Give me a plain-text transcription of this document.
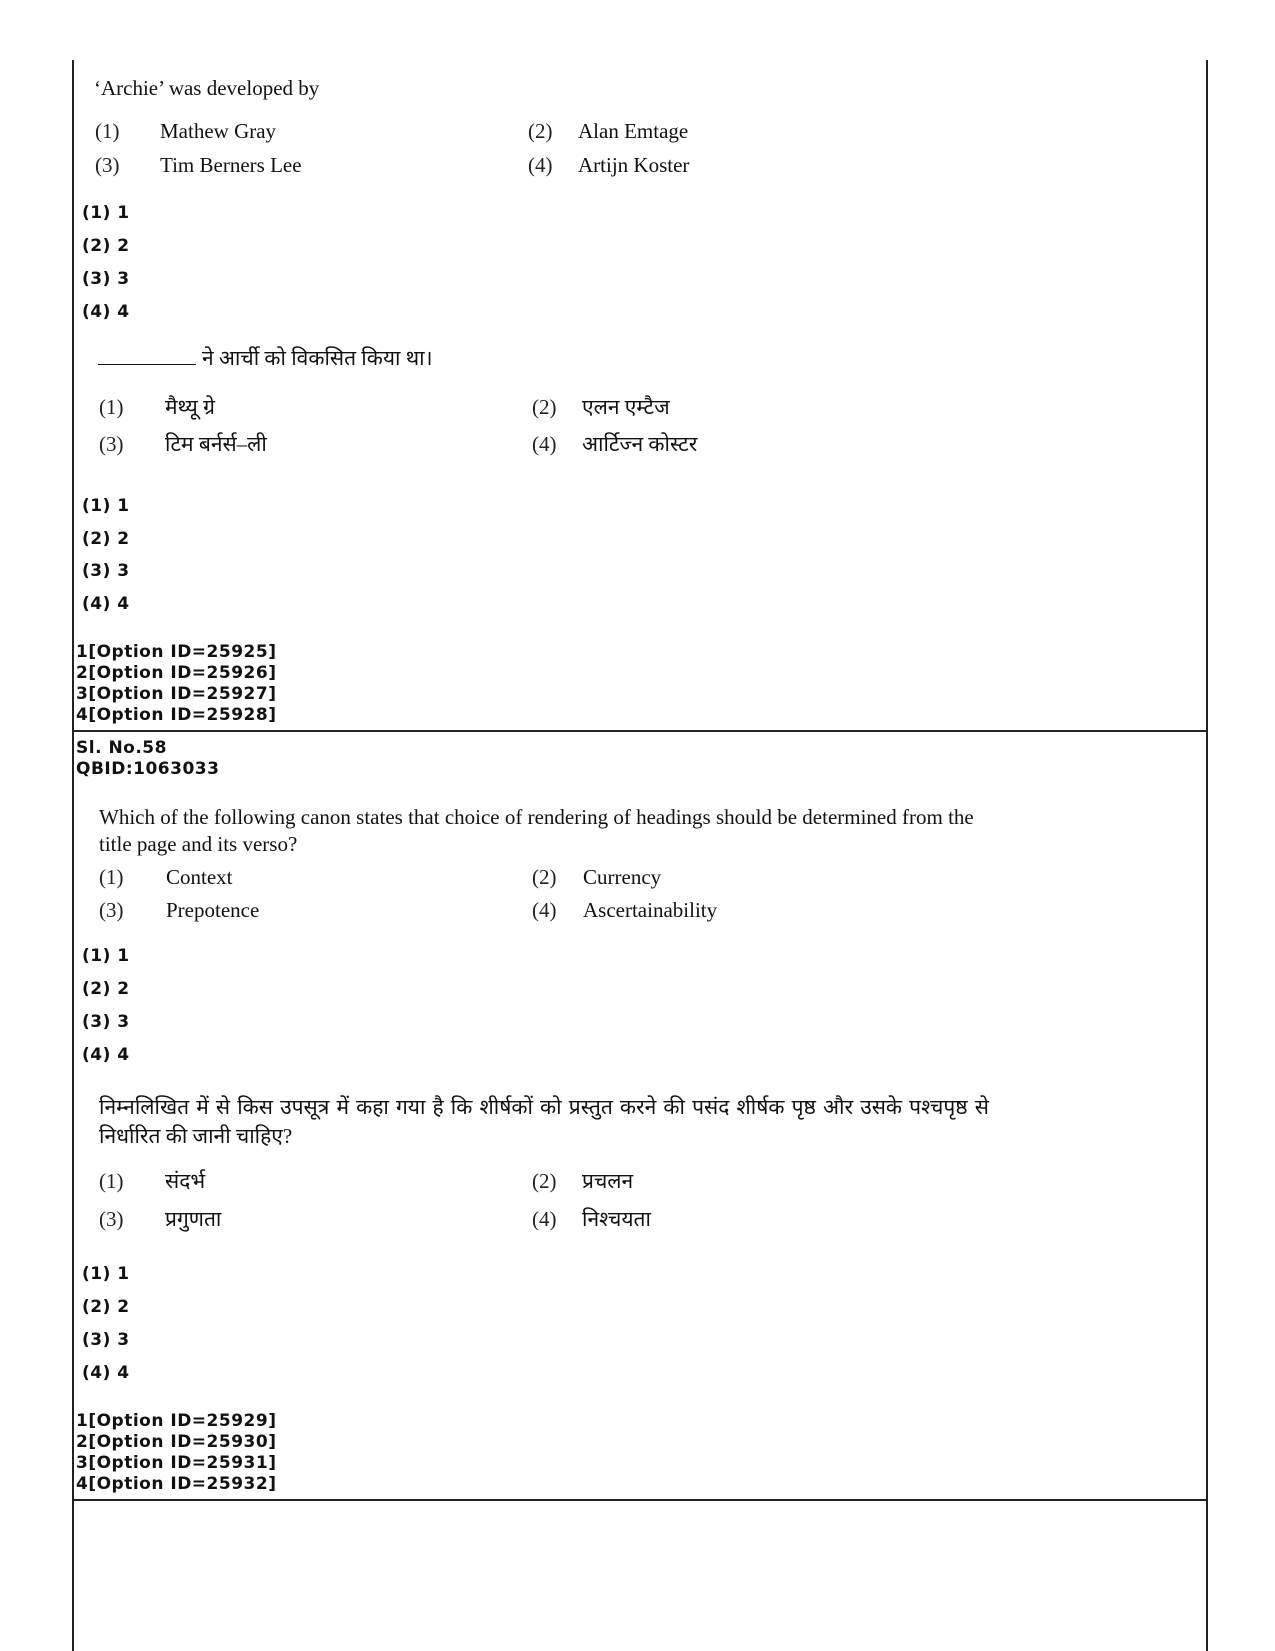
‘Archie’ was developed by
(1) Mathew Gray	(2) Alan Emtage
(3) Tim Berners Lee	(4) Artijn Koster
(1) 1
(2) 2
(3) 3
(4) 4
ने आर्ची को विकसित किया था।
(1) मैथ्यू ग्रे	(2) एलन एम्टैज
(3) टिम बर्नर्स–ली	(4) आर्टिज्न कोस्टर
(1) 1
(2) 2
(3) 3
(4) 4
1[Option ID=25925]
2[Option ID=25926]
3[Option ID=25927]
4[Option ID=25928]
Sl. No.58
QBID:1063033
Which of the following canon states that choice of rendering of headings should be determined from the title page and its verso?
(1) Context	(2) Currency
(3) Prepotence	(4) Ascertainability
(1) 1
(2) 2
(3) 3
(4) 4
निम्नलिखित में से किस उपसूत्र में कहा गया है कि शीर्षकों को प्रस्तुत करने की पसंद शीर्षक पृष्ठ और उसके पश्चपृष्ठ से निर्धारित की जानी चाहिए?
(1) संदर्भ	(2) प्रचलन
(3) प्रगुणता	(4) निश्चयता
(1) 1
(2) 2
(3) 3
(4) 4
1[Option ID=25929]
2[Option ID=25930]
3[Option ID=25931]
4[Option ID=25932]
